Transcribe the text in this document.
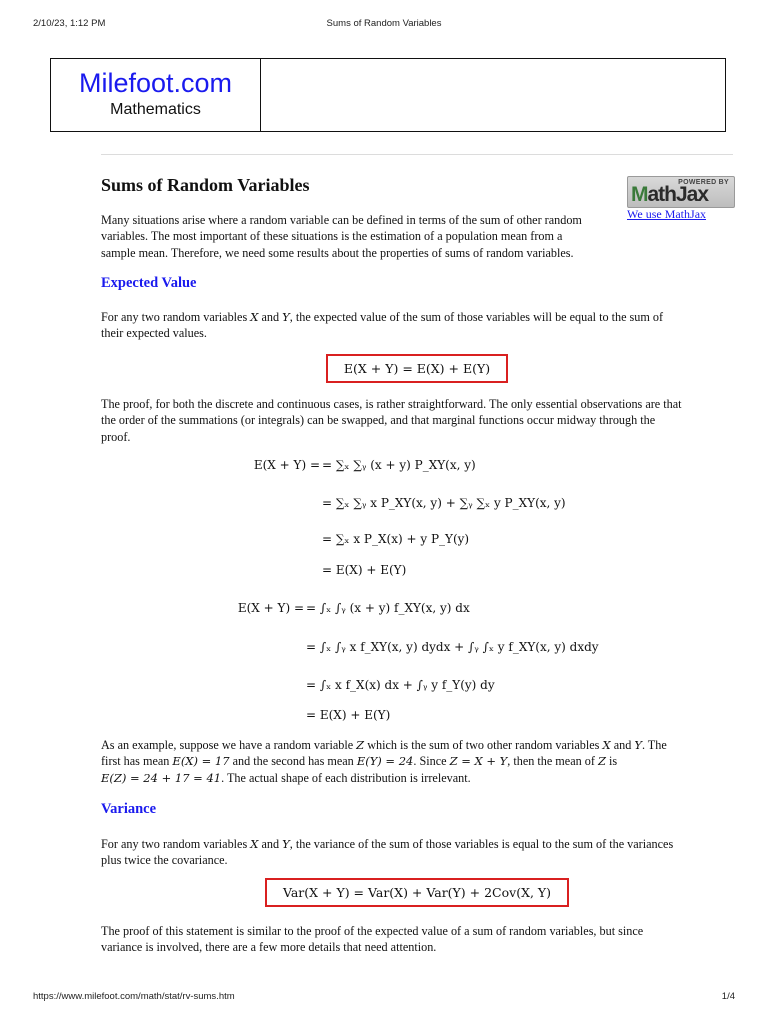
2/10/23, 1:12 PM	Sums of Random Variables
Milefoot.com
Mathematics
Sums of Random Variables	POWERED BY
MathJax
We use MathJax

Many situations arise where a random variable can be defined in terms of the sum of other random
variables. The most important of these situations is the estimation of a population mean from a
sample mean. Therefore, we need some results about the properties of sums of random variables.

Expected Value

For any two random variables X and Y, the expected value of the sum of those variables will be equal to the sum of
their expected values.

E(X + Y) = E(X) + E(Y)

The proof, for both the discrete and continuous cases, is rather straightforward. The only essential observations are that
the order of the summations (or integrals) can be swapped, and that marginal functions occur midway through the
proof.

E(X + Y) = = ∑ₓ ∑ᵧ (x + y) P_XY(x, y)
= ∑ₓ ∑ᵧ x P_XY(x, y) + ∑ᵧ ∑ₓ y P_XY(x, y)
= ∑ₓ x P_X(x) + y P_Y(y)
= E(X) + E(Y)
E(X + Y) = = ∫ₓ ∫ᵧ (x + y) f_XY(x, y) dx
= ∫ₓ ∫ᵧ x f_XY(x, y) dydx + ∫ᵧ ∫ₓ y f_XY(x, y) dxdy
= ∫ₓ x f_X(x) dx + ∫ᵧ y f_Y(y) dy
= E(X) + E(Y)

As an example, suppose we have a random variable Z which is the sum of two other random variables X and Y. The
first has mean E(X) = 17 and the second has mean E(Y) = 24. Since Z = X + Y, then the mean of Z is
E(Z) = 24 + 17 = 41. The actual shape of each distribution is irrelevant.

Variance

For any two random variables X and Y, the variance of the sum of those variables is equal to the sum of the variances
plus twice the covariance.

Var(X + Y) = Var(X) + Var(Y) + 2Cov(X, Y)

The proof of this statement is similar to the proof of the expected value of a sum of random variables, but since
variance is involved, there are a few more details that need attention.

https://www.milefoot.com/math/stat/rv-sums.htm	1/4
